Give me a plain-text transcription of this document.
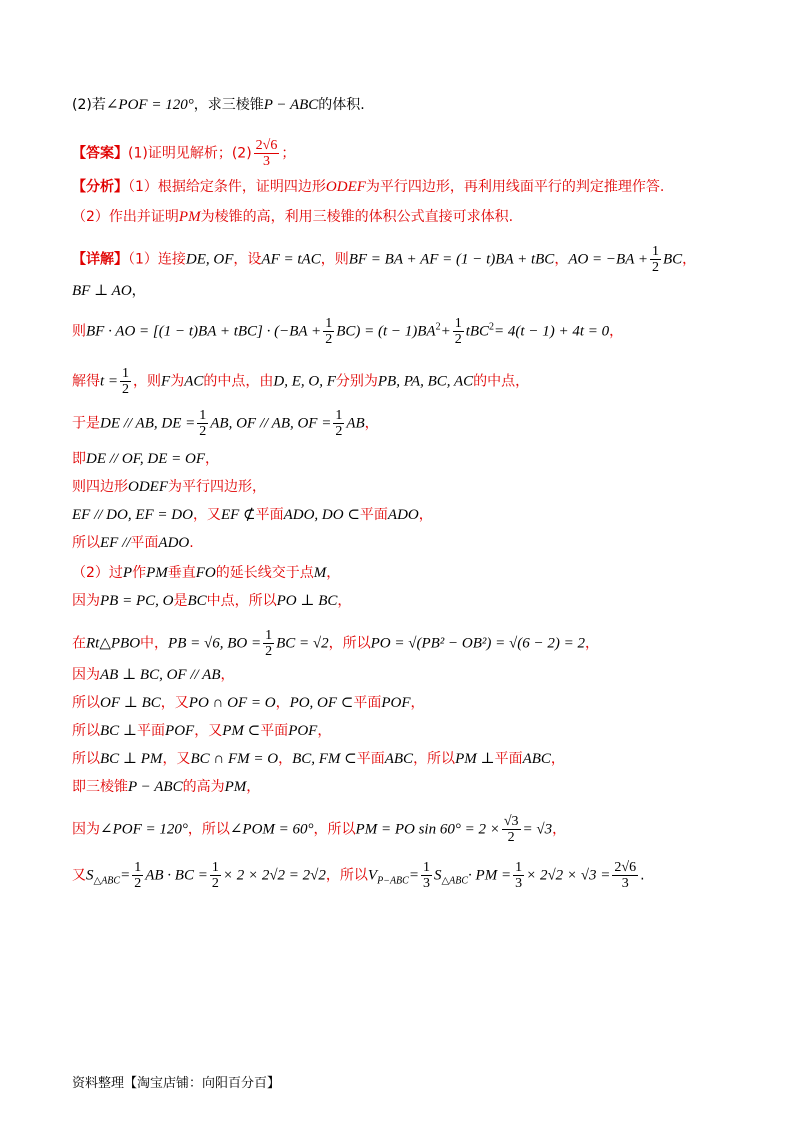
(2)若∠POF = 120°，求三棱锥P − ABC的体积.
【答案】(1)证明见解析；$(2) \frac{2√6}{3}$ ；
【分析】（1）根据给定条件，证明四边形ODEF为平行四边形，再利用线面平行的判定推理作答.
（2）作出并证明PM为棱锥的高，利用三棱锥的体积公式直接可求体积.
【详解】（1）连接DE, OF，设AF = tAC，则BF = BA + AF = (1 − t)BA + tBC，AO = $-BA + \frac{1}{2}$ BC，
BF ⊥ AO，
则BF · AO = $[(1 - t)BA + tBC] \cdot (-BA + \frac{1}{2} BC) = (t - 1)BA^2+ \frac{1}{2} tBC^2= 4(t - 1) + 4t = 0$，
解得$t = \frac{1}{2}$ ，则F为AC的中点，由D, E, O, F分别为PB, PA, BC, AC的中点，
于是DE // AB, DE = $\frac{1}{2}$ AB, OF // AB, OF = $\frac{1}{2}$ AB，
即DE // OF, DE = OF，
则四边形ODEF为平行四边形，
EF // DO, EF = DO，又EF ⊄平面ADO, DO ⊂平面ADO，
所以EF //平面ADO.
（2）过P作PM垂直FO的延长线交于点M，
因为PB = PC, O是BC中点，所以PO ⊥ BC，
在Rt△PBO中，PB = √6, BO = $\frac{1}{2}$ BC = √2，所以PO = √(PB² − OB²) = √(6 − 2) = 2，
因为AB ⊥ BC, OF // AB，
所以OF ⊥ BC，又PO ∩ OF = O，PO, OF ⊂平面POF，
所以BC ⊥平面POF，又PM ⊂平面POF，
所以BC ⊥ PM，又BC ∩ FM = O，BC, FM ⊂平面ABC，所以PM ⊥平面ABC，
即三棱锥P − ABC的高为PM，
因为∠POF = 120°，所以∠POM = 60°，所以PM = PO $\sin 60^\circ = 2 \times \frac{√3}{2} = √3$，
又$S_{\triangle ABC}= \frac{1}{2}$ AB · BC = $\frac{1}{2} \times 2 \times 2√2 = 2√2$，所以$V_{P-ABC}= \frac{1}{3} S_{\triangle ABC}\cdot$ PM = $\frac{1}{3} \times 2√2 \times √3 = \frac{2√6}{3}$ .
资料整理【淘宝店铺：向阳百分百】
